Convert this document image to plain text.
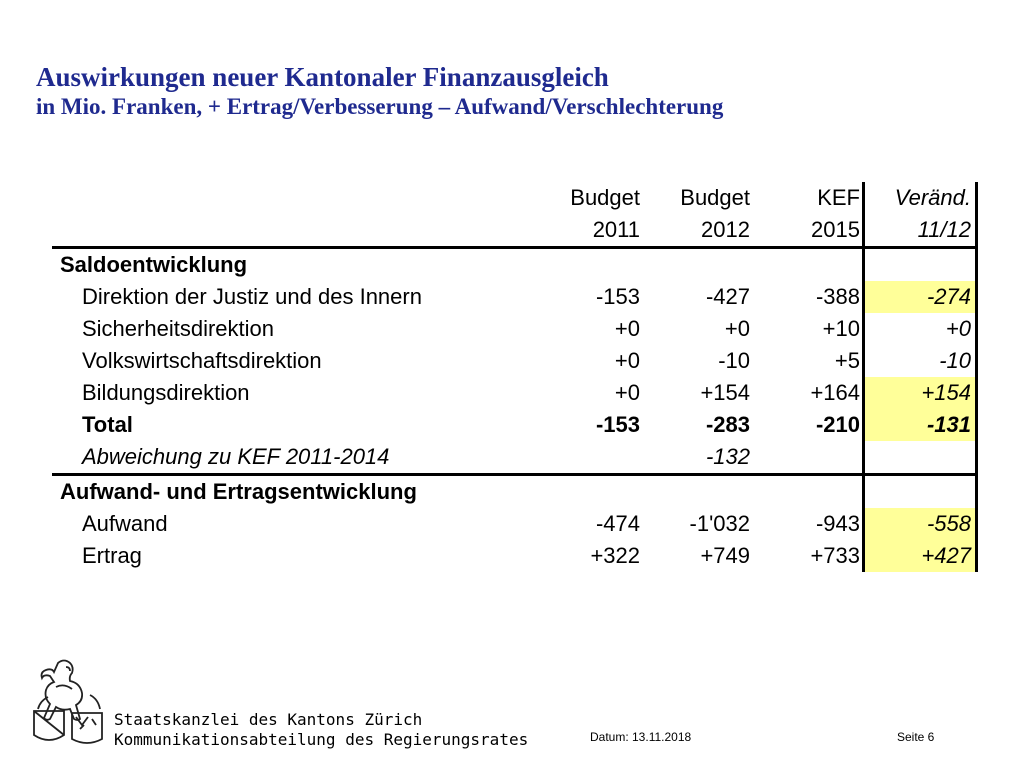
Auswirkungen neuer Kantonaler Finanzausgleich
in Mio. Franken, + Ertrag/Verbesserung – Aufwand/Verschlechterung
	Budget	Budget	KEF	Veränd.
	2011	2012	2015	11/12
Saldoentwicklung				
Direktion der Justiz und des Innern	-153	-427	-388	-274
Sicherheitsdirektion	+0	+0	+10	+0
Volkswirtschaftsdirektion	+0	-10	+5	-10
Bildungsdirektion	+0	+154	+164	+154
Total	-153	-283	-210	-131
Abweichung zu KEF 2011-2014		-132		
Aufwand- und Ertragsentwicklung				
Aufwand	-474	-1'032	-943	-558
Ertrag	+322	+749	+733	+427
Staatskanzlei des Kantons Zürich
Kommunikationsabteilung des Regierungsrates	Datum: 13.11.2018	Seite 6
